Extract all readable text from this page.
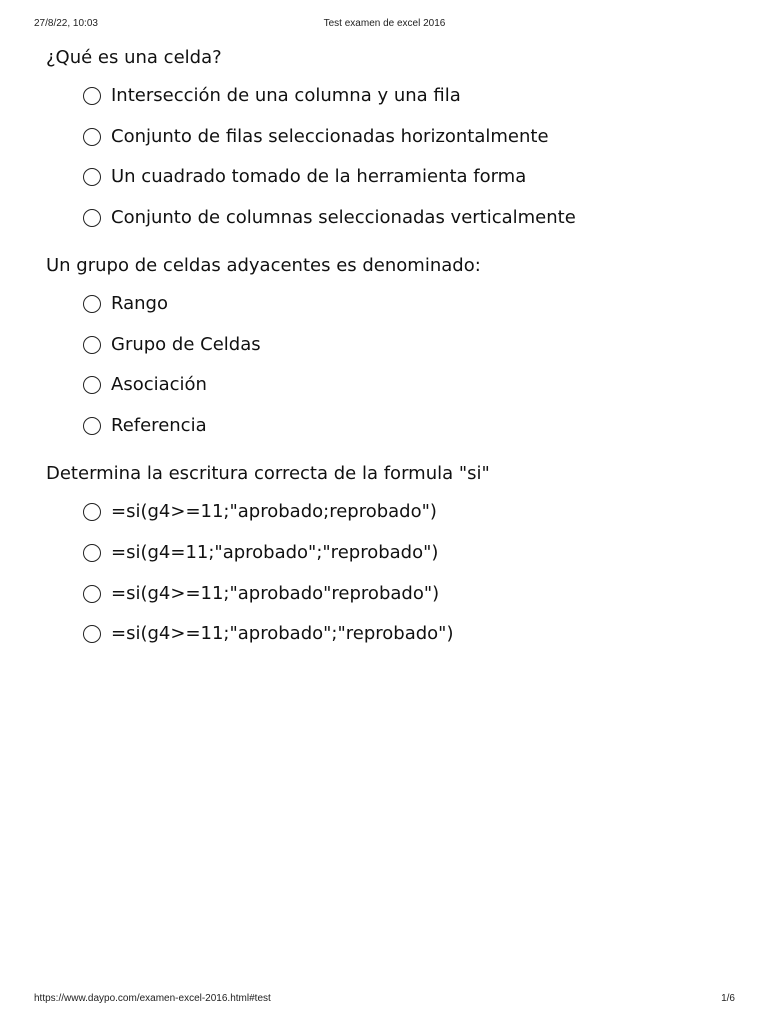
27/8/22, 10:03	Test examen de excel 2016
¿Qué es una celda?
Intersección de una columna y una fila
Conjunto de filas seleccionadas horizontalmente
Un cuadrado tomado de la herramienta forma
Conjunto de columnas seleccionadas verticalmente
Un grupo de celdas adyacentes es denominado:
Rango
Grupo de Celdas
Asociación
Referencia
Determina la escritura correcta de la formula "si"
=si(g4>=11;"aprobado;reprobado")
=si(g4=11;"aprobado";"reprobado")
=si(g4>=11;"aprobado"reprobado")
=si(g4>=11;"aprobado";"reprobado")
https://www.daypo.com/examen-excel-2016.html#test	1/6
